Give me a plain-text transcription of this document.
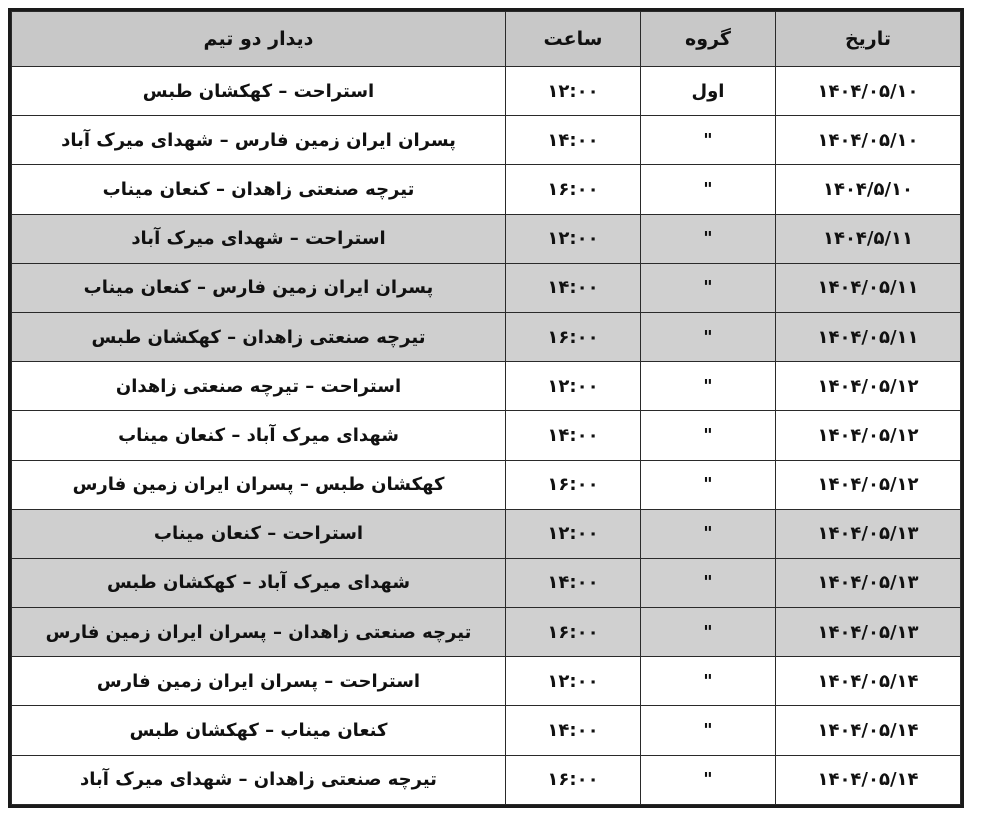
تاریخ	گروه	ساعت	دیدار دو تیم
۱۴۰۴/۰۵/۱۰	اول	۱۲:۰۰	استراحت – کهکشان طبس
۱۴۰۴/۰۵/۱۰	"	۱۴:۰۰	پسران ایران زمین فارس – شهدای میرک آباد
۱۴۰۴/۵/۱۰	"	۱۶:۰۰	تیرچه صنعتی زاهدان – کنعان میناب
۱۴۰۴/۵/۱۱	"	۱۲:۰۰	استراحت – شهدای میرک آباد
۱۴۰۴/۰۵/۱۱	"	۱۴:۰۰	پسران ایران زمین فارس – کنعان میناب
۱۴۰۴/۰۵/۱۱	"	۱۶:۰۰	تیرچه صنعتی زاهدان – کهکشان طبس
۱۴۰۴/۰۵/۱۲	"	۱۲:۰۰	استراحت – تیرچه صنعتی زاهدان
۱۴۰۴/۰۵/۱۲	"	۱۴:۰۰	شهدای میرک آباد – کنعان میناب
۱۴۰۴/۰۵/۱۲	"	۱۶:۰۰	کهکشان طبس – پسران ایران زمین فارس
۱۴۰۴/۰۵/۱۳	"	۱۲:۰۰	استراحت – کنعان میناب
۱۴۰۴/۰۵/۱۳	"	۱۴:۰۰	شهدای میرک آباد – کهکشان طبس
۱۴۰۴/۰۵/۱۳	"	۱۶:۰۰	تیرچه صنعتی زاهدان – پسران ایران زمین فارس
۱۴۰۴/۰۵/۱۴	"	۱۲:۰۰	استراحت – پسران ایران زمین فارس
۱۴۰۴/۰۵/۱۴	"	۱۴:۰۰	کنعان میناب – کهکشان طبس
۱۴۰۴/۰۵/۱۴	"	۱۶:۰۰	تیرچه صنعتی زاهدان – شهدای میرک آباد
